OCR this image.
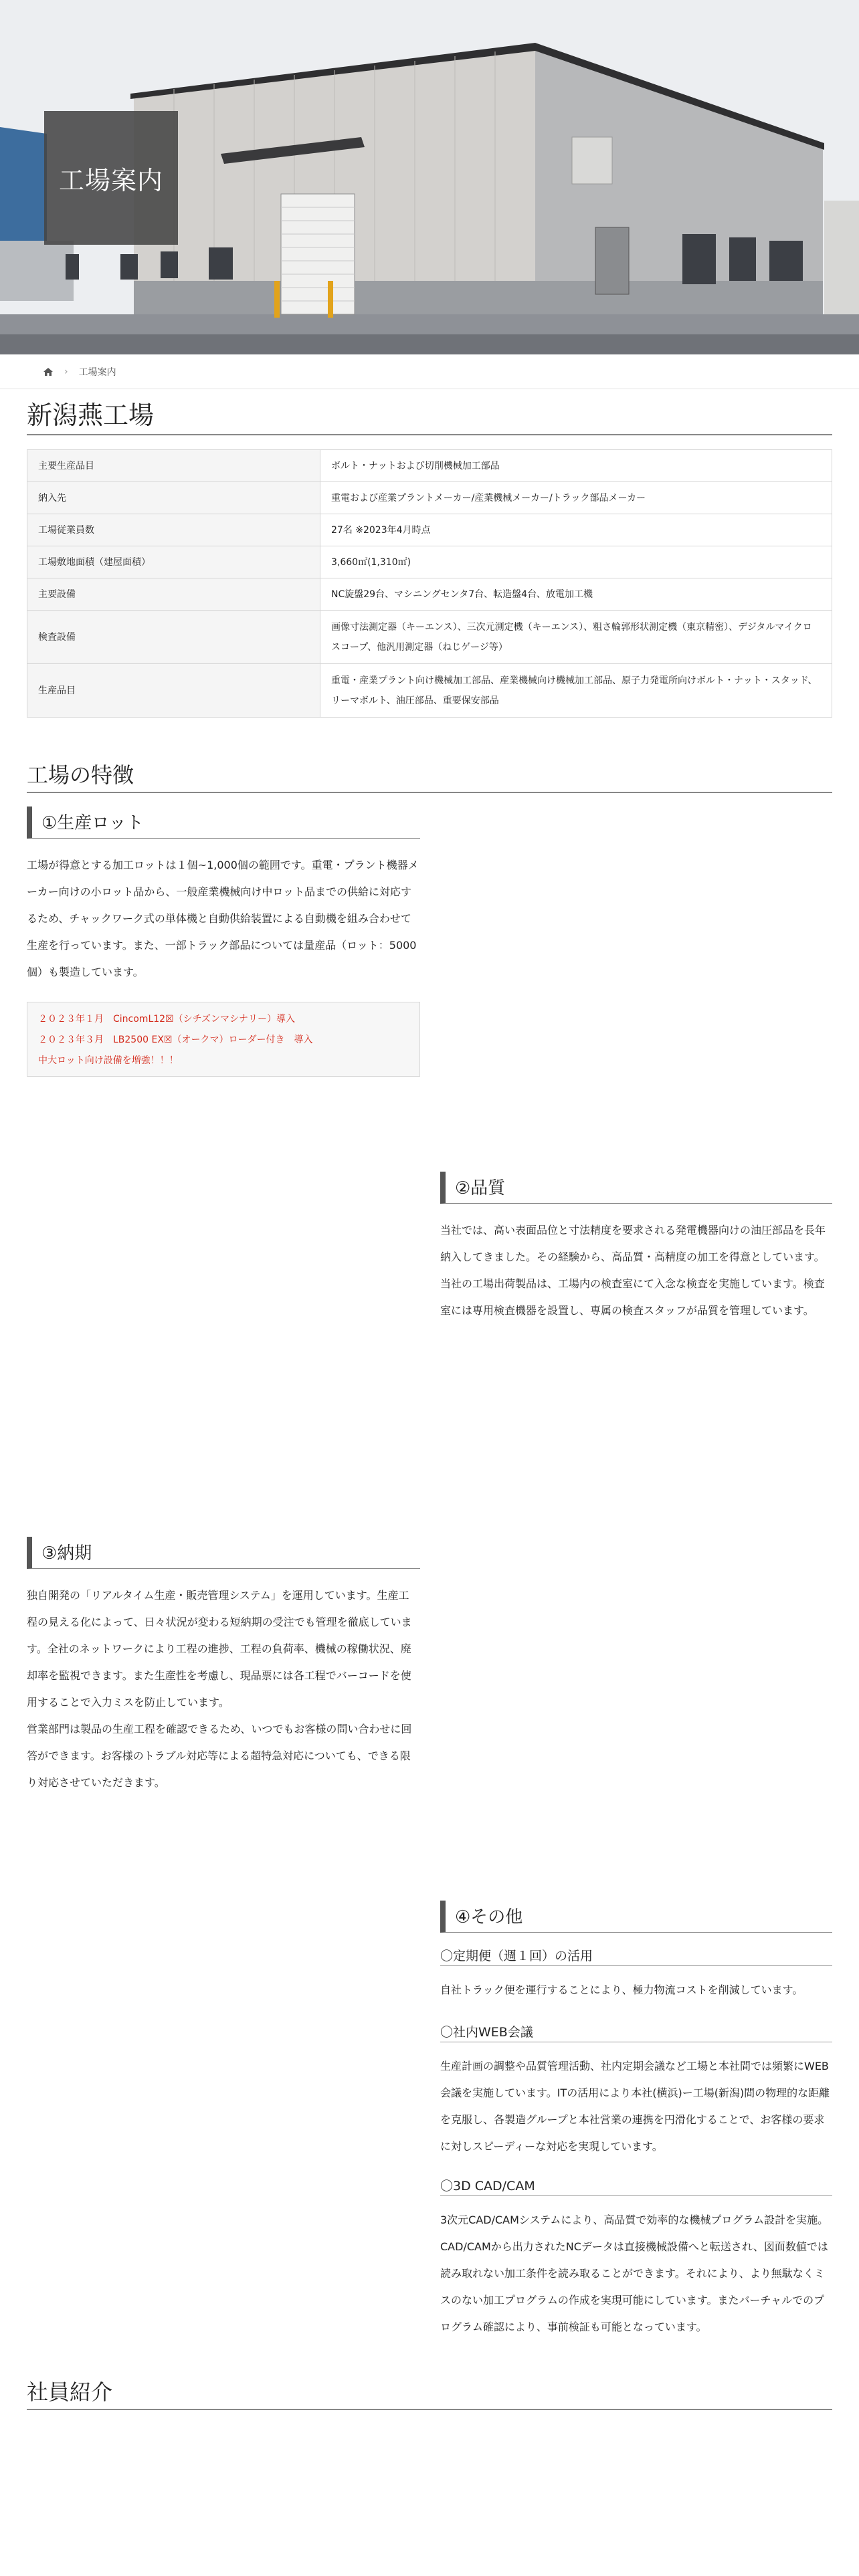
工場案内
› 工場案内
新潟燕工場
主要生産品目	ボルト・ナットおよび切削機械加工部品
納入先	重電および産業プラントメーカー/産業機械メーカー/トラック部品メーカー
工場従業員数	27名 ※2023年4月時点
工場敷地面積（建屋面積）	3,660㎡(1,310㎡)
主要設備	NC旋盤29台、マシニングセンタ7台、転造盤4台、放電加工機
検査設備	画像寸法測定器（キーエンス）、三次元測定機（キーエンス）、粗さ輪郭形状測定機（東京精密）、デジタルマイクロスコープ、他汎用測定器（ねじゲージ等）
生産品目	重電・産業プラント向け機械加工部品、産業機械向け機械加工部品、原子力発電所向けボルト・ナット・スタッド、リーマボルト、油圧部品、重要保安部品
工場の特徴
①生産ロット
工場が得意とする加工ロットは１個~1,000個の範囲です。重電・プラント機器メ
ーカー向けの小ロット品から、一般産業機械向け中ロット品までの供給に対応す
るため、チャックワーク式の単体機と自動供給装置による自動機を組み合わせて
生産を行っています。また、一部トラック部品については量産品（ロット：5000
個）も製造しています。
２０２３年１月　CincomL12☒（シチズンマシナリー）導入
２０２３年３月　LB2500 EX☒（オークマ）ローダー付き　導入
中大ロット向け設備を増強！！！
②品質
当社では、高い表面品位と寸法精度を要求される発電機器向けの油圧部品を長年
納入してきました。その経験から、高品質・高精度の加工を得意としています。
当社の工場出荷製品は、工場内の検査室にて入念な検査を実施しています。検査
室には専用検査機器を設置し、専属の検査スタッフが品質を管理しています。
③納期
独自開発の「リアルタイム生産・販売管理システム」を運用しています。生産工
程の見える化によって、日々状況が変わる短納期の受注でも管理を徹底していま
す。全社のネットワークにより工程の進捗、工程の負荷率、機械の稼働状況、廃
却率を監視できます。また生産性を考慮し、現品票には各工程でバーコードを使
用することで入力ミスを防止しています。
営業部門は製品の生産工程を確認できるため、いつでもお客様の問い合わせに回
答ができます。お客様のトラブル対応等による超特急対応についても、できる限
り対応させていただきます。
④その他
〇定期便（週１回）の活用
自社トラック便を運行することにより、極力物流コストを削減しています。
〇社内WEB会議
生産計画の調整や品質管理活動、社内定期会議など工場と本社間では頻繁にWEB
会議を実施しています。ITの活用により本社(横浜)ー工場(新潟)間の物理的な距離
を克服し、各製造グループと本社営業の連携を円滑化することで、お客様の要求
に対しスピーディーな対応を実現しています。
〇3D CAD/CAM
3次元CAD/CAMシステムにより、高品質で効率的な機械プログラム設計を実施。
CAD/CAMから出力されたNCデータは直接機械設備へと転送され、図面数値では
読み取れない加工条件を読み取ることができます。それにより、より無駄なくミ
スのない加工プログラムの作成を実現可能にしています。またバーチャルでのプ
ログラム確認により、事前検証も可能となっています。
社員紹介
